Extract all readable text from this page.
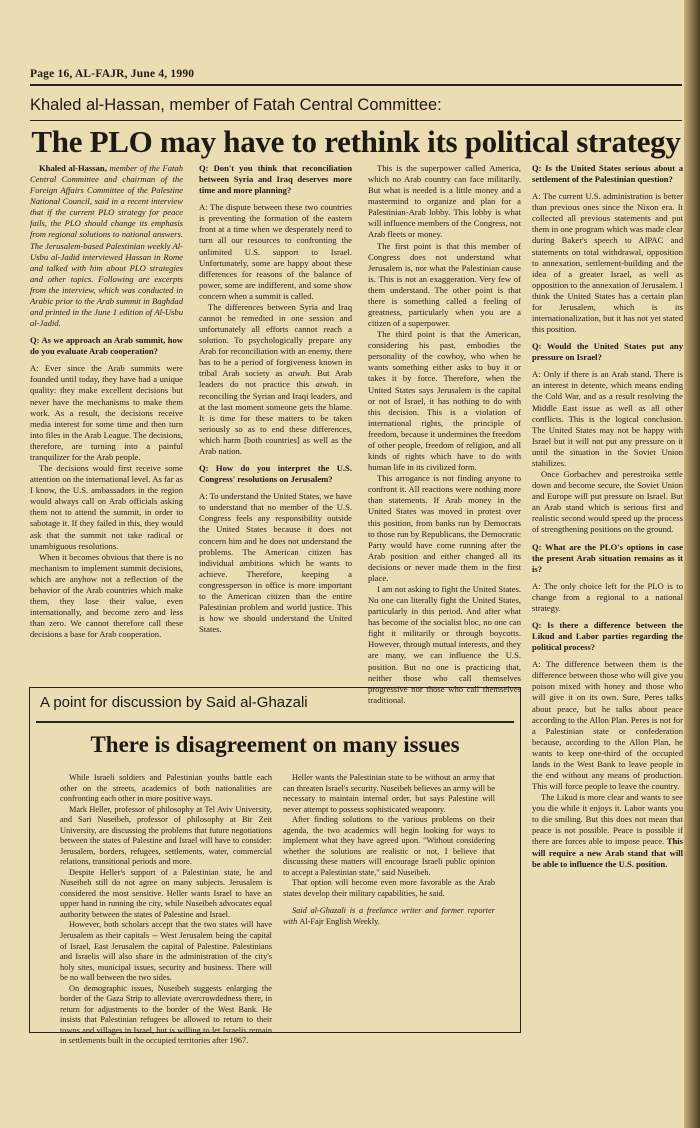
Page 16, AL-FAJR, June 4, 1990
Khaled al-Hassan, member of Fatah Central Committee:
The PLO may have to rethink its political strategy

Khaled al-Hassan, member of the Fatah Central Committee and chairman of the Foreign Affairs Committee of the Palestine National Council, said in a recent interview that if the current PLO strategy for peace fails, the PLO should change its emphasis from regional solutions to national answers. The Jerusalem-based Palestinian weekly Al-Usbu al-Jadid interviewed Hassan in Rome and talked with him about PLO strategies and other topics. Following are excerpts from the interview, which was conducted in Arabic prior to the Arab summit in Baghdad and printed in the June 1 edition of Al-Usbu al-Jadid.

Q: As we approach an Arab summit, how do you evaluate Arab cooperation?

A: Ever since the Arab summits were founded until today, they have had a unique quality: they make excellent decisions but never have the mechanisms to make them work. As a result, the decisions receive media interest for some time and then turn into files in the Arab League. The decisions, therefore, are turning into a painful tranquilizer for the Arab people.

The decisions would first receive some attention on the international level. As far as I know, the U.S. ambassadors in the region would always call on Arab officials asking them not to attend the summit, in order to sabotage it. If they failed in this, they would ask that the summit not take radical or unambiguous resolutions.

When it becomes obvious that there is no mechanism to implement summit decisions, which are anyhow not a reflection of the behavior of the Arab countries which make them, they lose their value, even internationally, and become zero and less than zero. We cannot therefore call these decisions a base for Arab cooperation.

Q: Don't you think that reconciliation between Syria and Iraq deserves more time and more planning?

A: The dispute between these two countries is preventing the formation of the eastern front at a time when we desperately need to turn all our resources to confronting the unlimited U.S. support to Israel. Unfortunately, some are happy about these differences for reasons of the balance of power, some are indifferent, and some show concern when a summit is called.

The differences between Syria and Iraq cannot be remedied in one session and unfortunately all efforts cannot reach a solution. To psychologically prepare any Arab for reconciliation with an enemy, there has to be a period of forgiveness known in tribal Arab society as atwah. But Arab leaders do not practice this atwah. in reconciling the Syrian and Iraqi leaders, and at the last moment someone gets the blame. It is time for these matters to be taken seriously so as to end these differences, which harm [both countries] as well as the Arab nation.

Q: How do you interpret the U.S. Congress' resolutions on Jerusalem?

A: To understand the United States, we have to understand that no member of the U.S. Congress feels any responsibility outside the United States because it does not concern him and he does not understand the problems. The American citizen has individual ambitions which he wants to achieve. Therefore, keeping a congressperson in office is more important to the American citizen than the entire Palestinian problem and world justice. This is how we should understand the United States.

This is the superpower called America, which no Arab country can face militarily. But what is needed is a little money and a mastermind to organize and plan for a Palestinian-Arab lobby. This lobby is what will influence members of the Congress, not Arab fleets or money.

The first point is that this member of Congress does not understand what Jerusalem is, nor what the Palestinian cause is. This is not an exaggeration. Very few of them understand. The other point is that there is something called a feeling of greatness, particularly when you are a citizen of a superpower.

The third point is that the American, considering his past, embodies the personality of the cowboy, who when he wants something either asks to buy it or takes it by force. Therefore, when the United States says Jerusalem is the capital or not of Israel, it has nothing to do with this decision. This is a violation of international rights, the principle of freedom, because it undermines the freedom of other people, freedom of religion, and all kinds of rights which have to do with human life in its civilized form.

This arrogance is not finding anyone to confront it. All reactions were nothing more than statements. If Arab money in the United States was moved in protest over this position, from banks run by Democrats to those run by Republicans, the Democratic Party would have come running after the Arab position and either changed all its decisions or never made them in the first place.

I am not asking to fight the United States. No one can literally fight the United States, particularly in this period. And after what has become of the socialist bloc, no one can fight it militarily or through boycotts. However, through mutual interests, and they are many, we can influence the U.S. position. But no one is practicing that, neither those who call themselves progressive nor those who call themselves traditional.

Q: Is the United States serious about a settlement of the Palestinian question?

A: The current U.S. administration is better than previous ones since the Nixon era. It collected all previous statements and put them in one program which was made clear during Baker's speech to AIPAC and statements on total withdrawal, opposition to annexation, settlement-building and the idea of a greater Israel, as well as opposition to the annexation of Jerusalem. I think the United States has a certain plan for Jerusalem, which is its internationalization, but it has not yet stated this position.

Q: Would the United States put any pressure on Israel?

A: Only if there is an Arab stand. There is an interest in detente, which means ending the Cold War, and as a result resolving the Middle East issue as well as all other conflicts. This is the logical conclusion. The United States may not be happy with Israel but it will not put any pressure on it until the situation in the Soviet Union stabilizes.

Once Gorbachev and perestroika settle down and become secure, the Soviet Union and Europe will put pressure on Israel. But an Arab stand which is serious first and realistic second would speed up the process of strengthening positions on the ground.

Q: What are the PLO's options in case the present Arab situation remains as it is?

A: The only choice left for the PLO is to change from a regional to a national strategy.

Q: Is there a difference between the Likud and Labor parties regarding the political process?

A: The difference between them is the difference between those who will give you poison mixed with honey and those who will give it on its own. Sure, Peres talks about peace, but he talks about peace according to the Allon Plan. Peres is not for a Palestinian state or confederation because, according to the Allon Plan, he wants to keep one-third of the occupied lands in the West Bank to leave people in the end without any means of production. This will force people to leave the country.

The Likud is more clear and wants to see you die while it enjoys it. Labor wants you to die smiling. But this does not mean that peace is not possible. Peace is possible if there are forces able to impose peace. This will require a new Arab stand that will be able to influence the U.S. position.

A point for discussion by Said al-Ghazali
There is disagreement on many issues

While Israeli soldiers and Palestinian youths battle each other on the streets, academics of both nationalities are confronting each other in more positive ways.

Mark Heller, professor of philosophy at Tel Aviv University, and Sari Nuseibeh, professor of philosophy at Bir Zeit University, are discussing the problems that future negotiations between the states of Palestine and Israel will have to consider: Jerusalem, borders, refugees, settlements, water, commercial relations, transitional periods and more.

Despite Heller's support of a Palestinian state, he and Nuseibeh still do not agree on many subjects. Jerusalem is considered the most sensitive. Heller wants Israel to have an upper hand in running the city, while Nuseibeh advocates equal authority between the states of Palestine and Israel.

However, both scholars accept that the two states will have Jerusalem as their capitals -- West Jerusalem being the capital of Israel, East Jerusalem the capital of Palestine. Palestinians and Israelis will also share in the administration of the city's holy sites, municipal issues, security and business. There will be no wall between the two sides.

On demographic issues, Nuseibeh suggests enlarging the border of the Gaza Strip to alleviate overcrowdedness there, in return for adjustments to the border of the West Bank. He insists that Palestinian refugees be allowed to return to their towns and villages in Israel, but is willing to let Israelis remain in settlements built in the occupied territories after 1967.

Heller wants the Palestinian state to be without an army that can threaten Israel's security. Nuseibeh believes an army will be necessary to maintain internal order, but says Palestine will never attempt to possess sophisticated weaponry.

After finding solutions to the various problems on their agenda, the two academics will begin looking for ways to implement what they have agreed upon. "Without considering whether the solutions are realistic or not, I believe that discussing these matters will encourage Israeli public opinion to accept a Palestinian state," said Nuseibeh.

That option will become even more favorable as the Arab states develop their military capabilities, he said.

Said al-Ghazali is a freelance writer and former reporter with Al-Fajr English Weekly.
